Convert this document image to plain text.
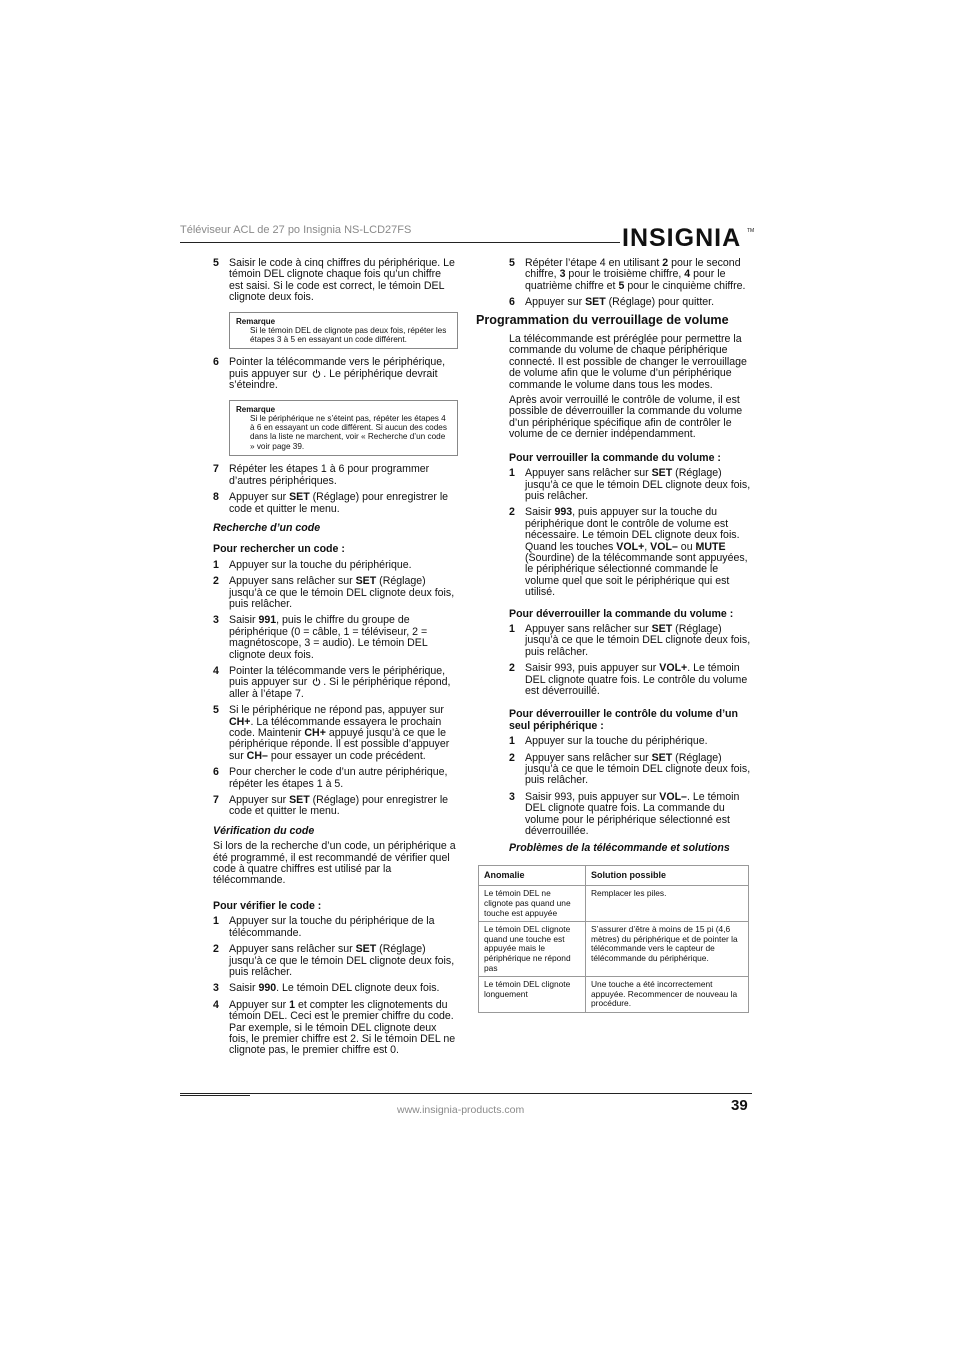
Téléviseur ACL de 27 po Insignia NS-LCD27FS	INSIGNIA TM
5 Saisir le code à cinq chiffres du périphérique. Le témoin DEL clignote chaque fois qu’un chiffre est saisi. Si le code est correct, le témoin DEL clignote deux fois.
Remarque
Si le témoin DEL de clignote pas deux fois, répéter les étapes 3 à 5 en essayant un code différent.
6 Pointer la télécommande vers le périphérique, puis appuyer sur . Le périphérique devrait s’éteindre.
Remarque
Si le périphérique ne s’éteint pas, répéter les étapes 4 à 6 en essayant un code différent. Si aucun des codes dans la liste ne marchent, voir « Recherche d’un code » voir page 39.
7 Répéter les étapes 1 à 6 pour programmer d’autres périphériques.
8 Appuyer sur SET (Réglage) pour enregistrer le code et quitter le menu.
Recherche d’un code
Pour rechercher un code :
1 Appuyer sur la touche du périphérique.
2 Appuyer sans relâcher sur SET (Réglage) jusqu’à ce que le témoin DEL clignote deux fois, puis relâcher.
3 Saisir 991, puis le chiffre du groupe de périphérique (0 = câble, 1 = téléviseur, 2 = magnétoscope, 3 = audio). Le témoin DEL clignote deux fois.
4 Pointer la télécommande vers le périphérique, puis appuyer sur . Si le périphérique répond, aller à l’étape 7.
5 Si le périphérique ne répond pas, appuyer sur CH+. La télécommande essayera le prochain code. Maintenir CH+ appuyé jusqu’à ce que le périphérique réponde. Il est possible d’appuyer sur CH– pour essayer un code précédent.
6 Pour chercher le code d’un autre périphérique, répéter les étapes 1 à 5.
7 Appuyer sur SET (Réglage) pour enregistrer le code et quitter le menu.
Vérification du code
Si lors de la recherche d’un code, un périphérique a été programmé, il est recommandé de vérifier quel code à quatre chiffres est utilisé par la télécommande.
Pour vérifier le code :
1 Appuyer sur la touche du périphérique de la télécommande.
2 Appuyer sans relâcher sur SET (Réglage) jusqu’à ce que le témoin DEL clignote deux fois, puis relâcher.
3 Saisir 990. Le témoin DEL clignote deux fois.
4 Appuyer sur 1 et compter les clignotements du témoin DEL. Ceci est le premier chiffre du code. Par exemple, si le témoin DEL clignote deux fois, le premier chiffre est 2. Si le témoin DEL ne clignote pas, le premier chiffre est 0.
5 Répéter l’étape 4 en utilisant 2 pour le second chiffre, 3 pour le troisième chiffre, 4 pour le quatrième chiffre et 5 pour le cinquième chiffre.
6 Appuyer sur SET (Réglage) pour quitter.
Programmation du verrouillage de volume
La télécommande est préréglée pour permettre la commande du volume de chaque périphérique connecté. Il est possible de changer le verrouillage de volume afin que le volume d’un périphérique commande le volume dans tous les modes.
Après avoir verrouillé le contrôle de volume, il est possible de déverrouiller la commande du volume d’un périphérique spécifique afin de contrôler le volume de ce dernier indépendamment.
Pour verrouiller la commande du volume :
1 Appuyer sans relâcher sur SET (Réglage) jusqu’à ce que le témoin DEL clignote deux fois, puis relâcher.
2 Saisir 993, puis appuyer sur la touche du périphérique dont le contrôle de volume est nécessaire. Le témoin DEL clignote deux fois. Quand les touches VOL+, VOL– ou MUTE (Sourdine) de la télécommande sont appuyées, le périphérique sélectionné commande le volume quel que soit le périphérique qui est utilisé.
Pour déverrouiller la commande du volume :
1 Appuyer sans relâcher sur SET (Réglage) jusqu’à ce que le témoin DEL clignote deux fois, puis relâcher.
2 Saisir 993, puis appuyer sur VOL+. Le témoin DEL clignote quatre fois. Le contrôle du volume est déverrouillé.
Pour déverrouiller le contrôle du volume d’un seul périphérique :
1 Appuyer sur la touche du périphérique.
2 Appuyer sans relâcher sur SET (Réglage) jusqu’à ce que le témoin DEL clignote deux fois, puis relâcher.
3 Saisir 993, puis appuyer sur VOL–. Le témoin DEL clignote quatre fois. La commande du volume pour le périphérique sélectionné est déverrouillée.
Problèmes de la télécommande et solutions
Anomalie	Solution possible
Le témoin DEL ne clignote pas quand une touche est appuyée	Remplacer les piles.
Le témoin DEL clignote quand une touche est appuyée mais le périphérique ne répond pas	S’assurer d’être à moins de 15 pi (4,6 mètres) du périphérique et de pointer la télécommande vers le capteur de télécommande du périphérique.
Le témoin DEL clignote longuement	Une touche a été incorrectement appuyée. Recommencer de nouveau la procédure.
www.insignia-products.com	39
